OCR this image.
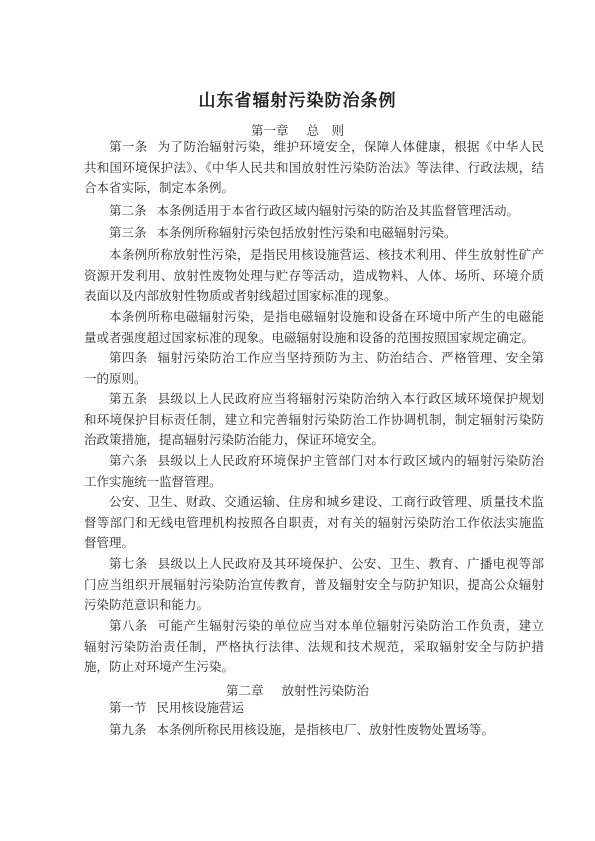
山东省辐射污染防治条例
第一章 总　则
第一条 为了防治辐射污染，维护环境安全，保障人体健康，根据《中华人民共和国环境保护法》、《中华人民共和国放射性污染防治法》等法律、行政法规，结合本省实际，制定本条例。
第二条 本条例适用于本省行政区域内辐射污染的防治及其监督管理活动。
第三条 本条例所称辐射污染包括放射性污染和电磁辐射污染。
本条例所称放射性污染，是指民用核设施营运、核技术利用、伴生放射性矿产资源开发利用、放射性废物处理与贮存等活动，造成物料、人体、场所、环境介质表面以及内部放射性物质或者射线超过国家标准的现象。
本条例所称电磁辐射污染，是指电磁辐射设施和设备在环境中所产生的电磁能量或者强度超过国家标准的现象。电磁辐射设施和设备的范围按照国家规定确定。
第四条 辐射污染防治工作应当坚持预防为主、防治结合、严格管理、安全第一的原则。
第五条 县级以上人民政府应当将辐射污染防治纳入本行政区域环境保护规划和环境保护目标责任制，建立和完善辐射污染防治工作协调机制，制定辐射污染防治政策措施，提高辐射污染防治能力，保证环境安全。
第六条 县级以上人民政府环境保护主管部门对本行政区域内的辐射污染防治工作实施统一监督管理。
公安、卫生、财政、交通运输、住房和城乡建设、工商行政管理、质量技术监督等部门和无线电管理机构按照各自职责，对有关的辐射污染防治工作依法实施监督管理。
第七条 县级以上人民政府及其环境保护、公安、卫生、教育、广播电视等部门应当组织开展辐射污染防治宣传教育，普及辐射安全与防护知识，提高公众辐射污染防范意识和能力。
第八条 可能产生辐射污染的单位应当对本单位辐射污染防治工作负责，建立辐射污染防治责任制，严格执行法律、法规和技术规范，采取辐射安全与防护措施，防止对环境产生污染。
第二章 放射性污染防治
第一节 民用核设施营运
第九条 本条例所称民用核设施，是指核电厂、放射性废物处置场等。
